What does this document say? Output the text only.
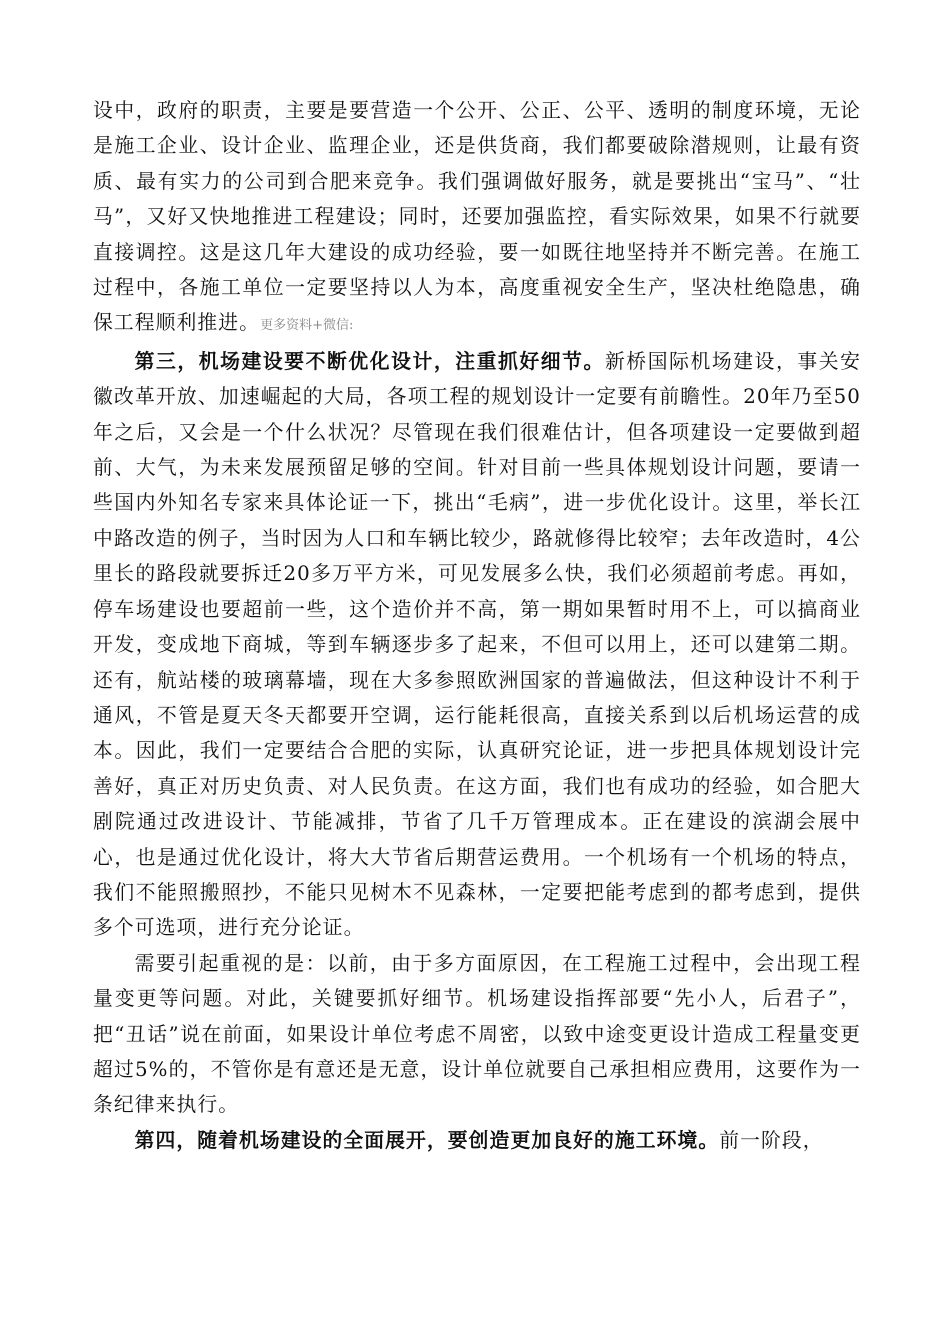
设中，政府的职责，主要是要营造一个公开、公正、公平、透明的制度环境，无论是施工企业、设计企业、监理企业，还是供货商，我们都要破除潜规则，让最有资质、最有实力的公司到合肥来竞争。我们强调做好服务，就是要挑出“宝马”、“壮马”，又好又快地推进工程建设；同时，还要加强监控，看实际效果，如果不行就要直接调控。这是这几年大建设的成功经验，要一如既往地坚持并不断完善。在施工过程中，各施工单位一定要坚持以人为本，高度重视安全生产，坚决杜绝隐患，确保工程顺利推进。更多资料+微信:

第三，机场建设要不断优化设计，注重抓好细节。新桥国际机场建设，事关安徽改革开放、加速崛起的大局，各项工程的规划设计一定要有前瞻性。20年乃至50年之后，又会是一个什么状况？尽管现在我们很难估计，但各项建设一定要做到超前、大气，为未来发展预留足够的空间。针对目前一些具体规划设计问题，要请一些国内外知名专家来具体论证一下，挑出“毛病”，进一步优化设计。这里，举长江中路改造的例子，当时因为人口和车辆比较少，路就修得比较窄；去年改造时，4公里长的路段就要拆迁20多万平方米，可见发展多么快，我们必须超前考虑。再如，停车场建设也要超前一些，这个造价并不高，第一期如果暂时用不上，可以搞商业开发，变成地下商城，等到车辆逐步多了起来，不但可以用上，还可以建第二期。还有，航站楼的玻璃幕墙，现在大多参照欧洲国家的普遍做法，但这种设计不利于通风，不管是夏天冬天都要开空调，运行能耗很高，直接关系到以后机场运营的成本。因此，我们一定要结合合肥的实际，认真研究论证，进一步把具体规划设计完善好，真正对历史负责、对人民负责。在这方面，我们也有成功的经验，如合肥大剧院通过改进设计、节能减排，节省了几千万管理成本。正在建设的滨湖会展中心，也是通过优化设计，将大大节省后期营运费用。一个机场有一个机场的特点，我们不能照搬照抄，不能只见树木不见森林，一定要把能考虑到的都考虑到，提供多个可选项，进行充分论证。

需要引起重视的是：以前，由于多方面原因，在工程施工过程中，会出现工程量变更等问题。对此，关键要抓好细节。机场建设指挥部要“先小人，后君子”，把“丑话”说在前面，如果设计单位考虑不周密，以致中途变更设计造成工程量变更超过5%的，不管你是有意还是无意，设计单位就要自己承担相应费用，这要作为一条纪律来执行。

第四，随着机场建设的全面展开，要创造更加良好的施工环境。前一阶段，
